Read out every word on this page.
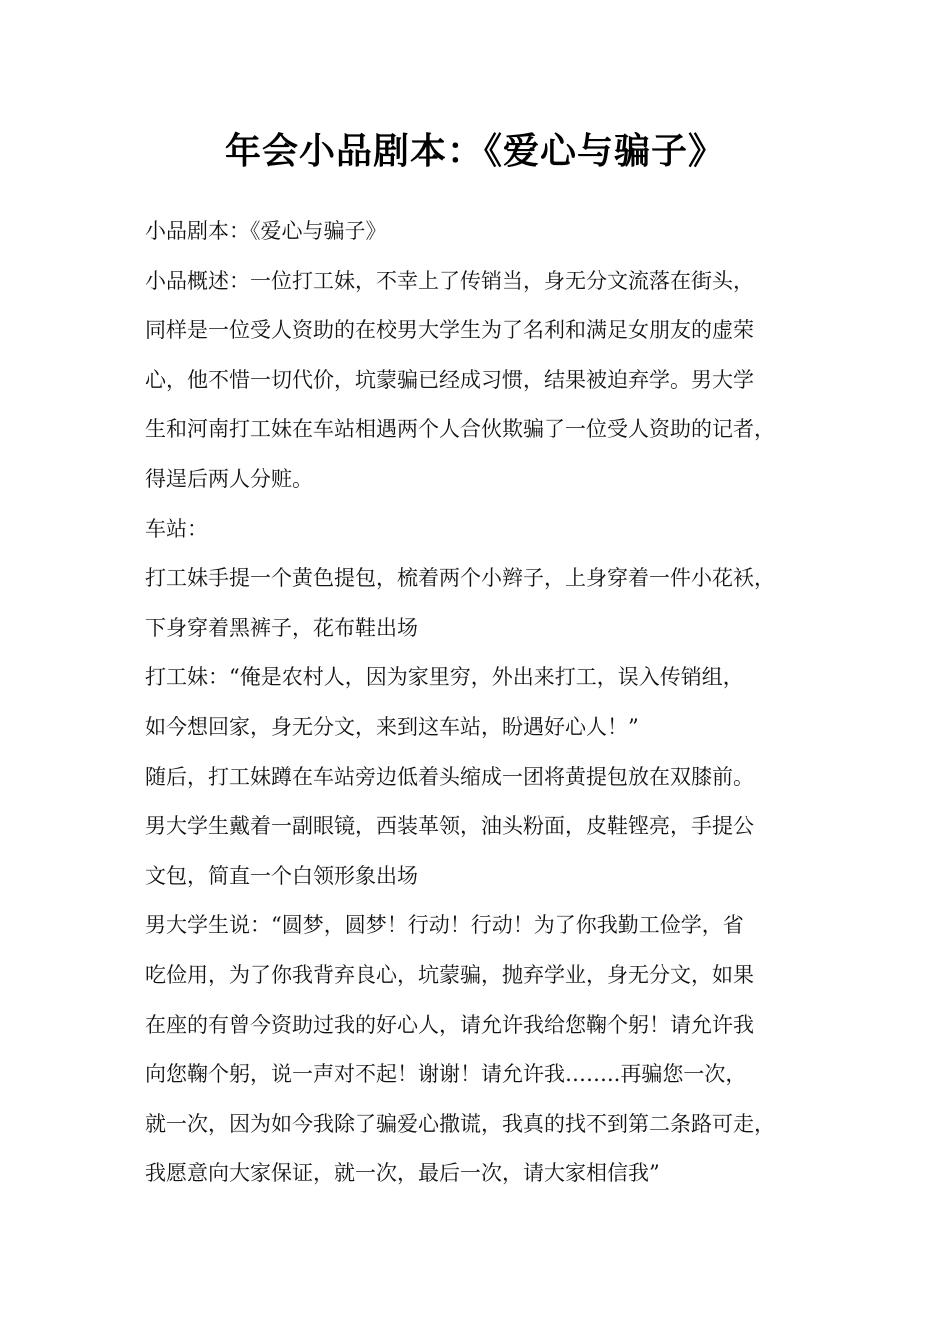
年会小品剧本：《爱心与骗子》
小品剧本：《爱心与骗子》
小品概述：一位打工妹，不幸上了传销当，身无分文流落在街头，
同样是一位受人资助的在校男大学生为了名利和满足女朋友的虚荣
心，他不惜一切代价，坑蒙骗已经成习惯，结果被迫弃学。男大学
生和河南打工妹在车站相遇两个人合伙欺骗了一位受人资助的记者，
得逞后两人分赃。
车站：
打工妹手提一个黄色提包，梳着两个小辫子，上身穿着一件小花袄，
下身穿着黑裤子，花布鞋出场
打工妹：“俺是农村人，因为家里穷，外出来打工，误入传销组，
如今想回家，身无分文，来到这车站，盼遇好心人！”
随后，打工妹蹲在车站旁边低着头缩成一团将黄提包放在双膝前。
男大学生戴着一副眼镜，西装革领，油头粉面，皮鞋铿亮，手提公
文包，简直一个白领形象出场
男大学生说：“圆梦，圆梦！行动！行动！为了你我勤工俭学，省
吃俭用，为了你我背弃良心，坑蒙骗，抛弃学业，身无分文，如果
在座的有曾今资助过我的好心人，请允许我给您鞠个躬！请允许我
向您鞠个躬，说一声对不起！谢谢！请允许我……..再骗您一次，
就一次，因为如今我除了骗爱心撒谎，我真的找不到第二条路可走，
我愿意向大家保证，就一次，最后一次，请大家相信我”
